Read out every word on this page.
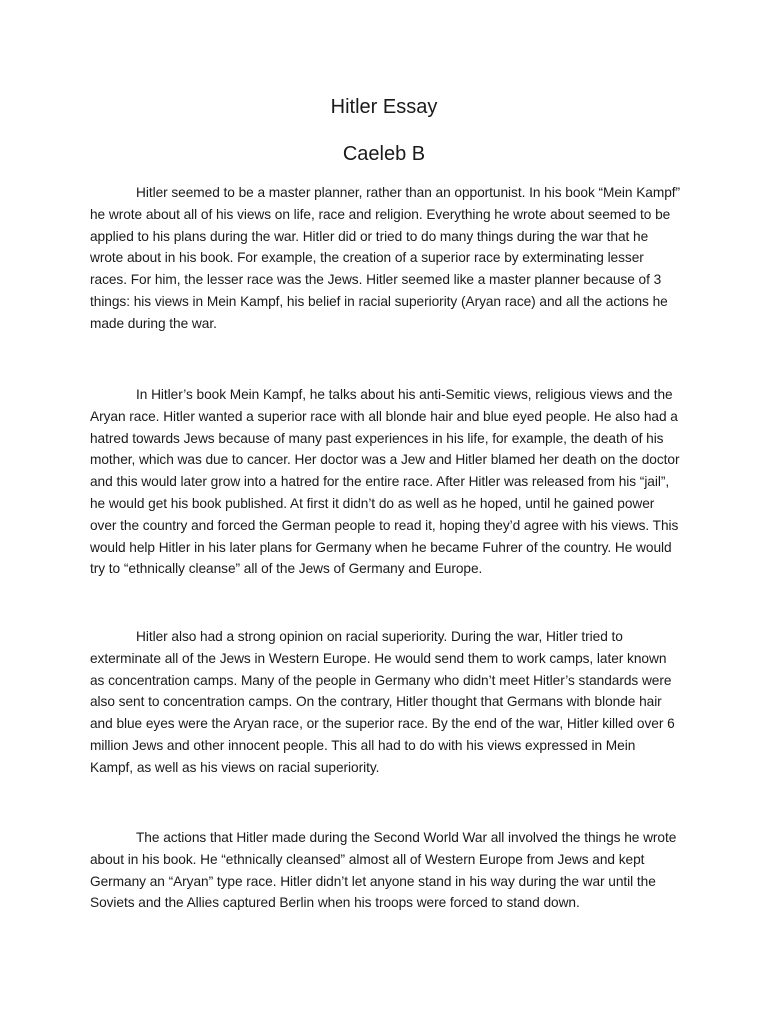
Hitler Essay
Caeleb B

Hitler seemed to be a master planner, rather than an opportunist. In his book “Mein Kampf” he wrote about all of his views on life, race and religion. Everything he wrote about seemed to be applied to his plans during the war. Hitler did or tried to do many things during the war that he wrote about in his book. For example, the creation of a superior race by exterminating lesser races. For him, the lesser race was the Jews. Hitler seemed like a master planner because of 3 things: his views in Mein Kampf, his belief in racial superiority (Aryan race) and all the actions he made during the war.

In Hitler’s book Mein Kampf, he talks about his anti-Semitic views, religious views and the Aryan race. Hitler wanted a superior race with all blonde hair and blue eyed people. He also had a hatred towards Jews because of many past experiences in his life, for example, the death of his mother, which was due to cancer. Her doctor was a Jew and Hitler blamed her death on the doctor and this would later grow into a hatred for the entire race. After Hitler was released from his “jail”, he would get his book published. At first it didn’t do as well as he hoped, until he gained power over the country and forced the German people to read it, hoping they’d agree with his views. This would help Hitler in his later plans for Germany when he became Fuhrer of the country. He would try to “ethnically cleanse” all of the Jews of Germany and Europe.

Hitler also had a strong opinion on racial superiority. During the war, Hitler tried to exterminate all of the Jews in Western Europe. He would send them to work camps, later known as concentration camps. Many of the people in Germany who didn’t meet Hitler’s standards were also sent to concentration camps. On the contrary, Hitler thought that Germans with blonde hair and blue eyes were the Aryan race, or the superior race. By the end of the war, Hitler killed over 6 million Jews and other innocent people. This all had to do with his views expressed in Mein Kampf, as well as his views on racial superiority.

The actions that Hitler made during the Second World War all involved the things he wrote about in his book. He “ethnically cleansed” almost all of Western Europe from Jews and kept Germany an “Aryan” type race. Hitler didn’t let anyone stand in his way during the war until the Soviets and the Allies captured Berlin when his troops were forced to stand down.
